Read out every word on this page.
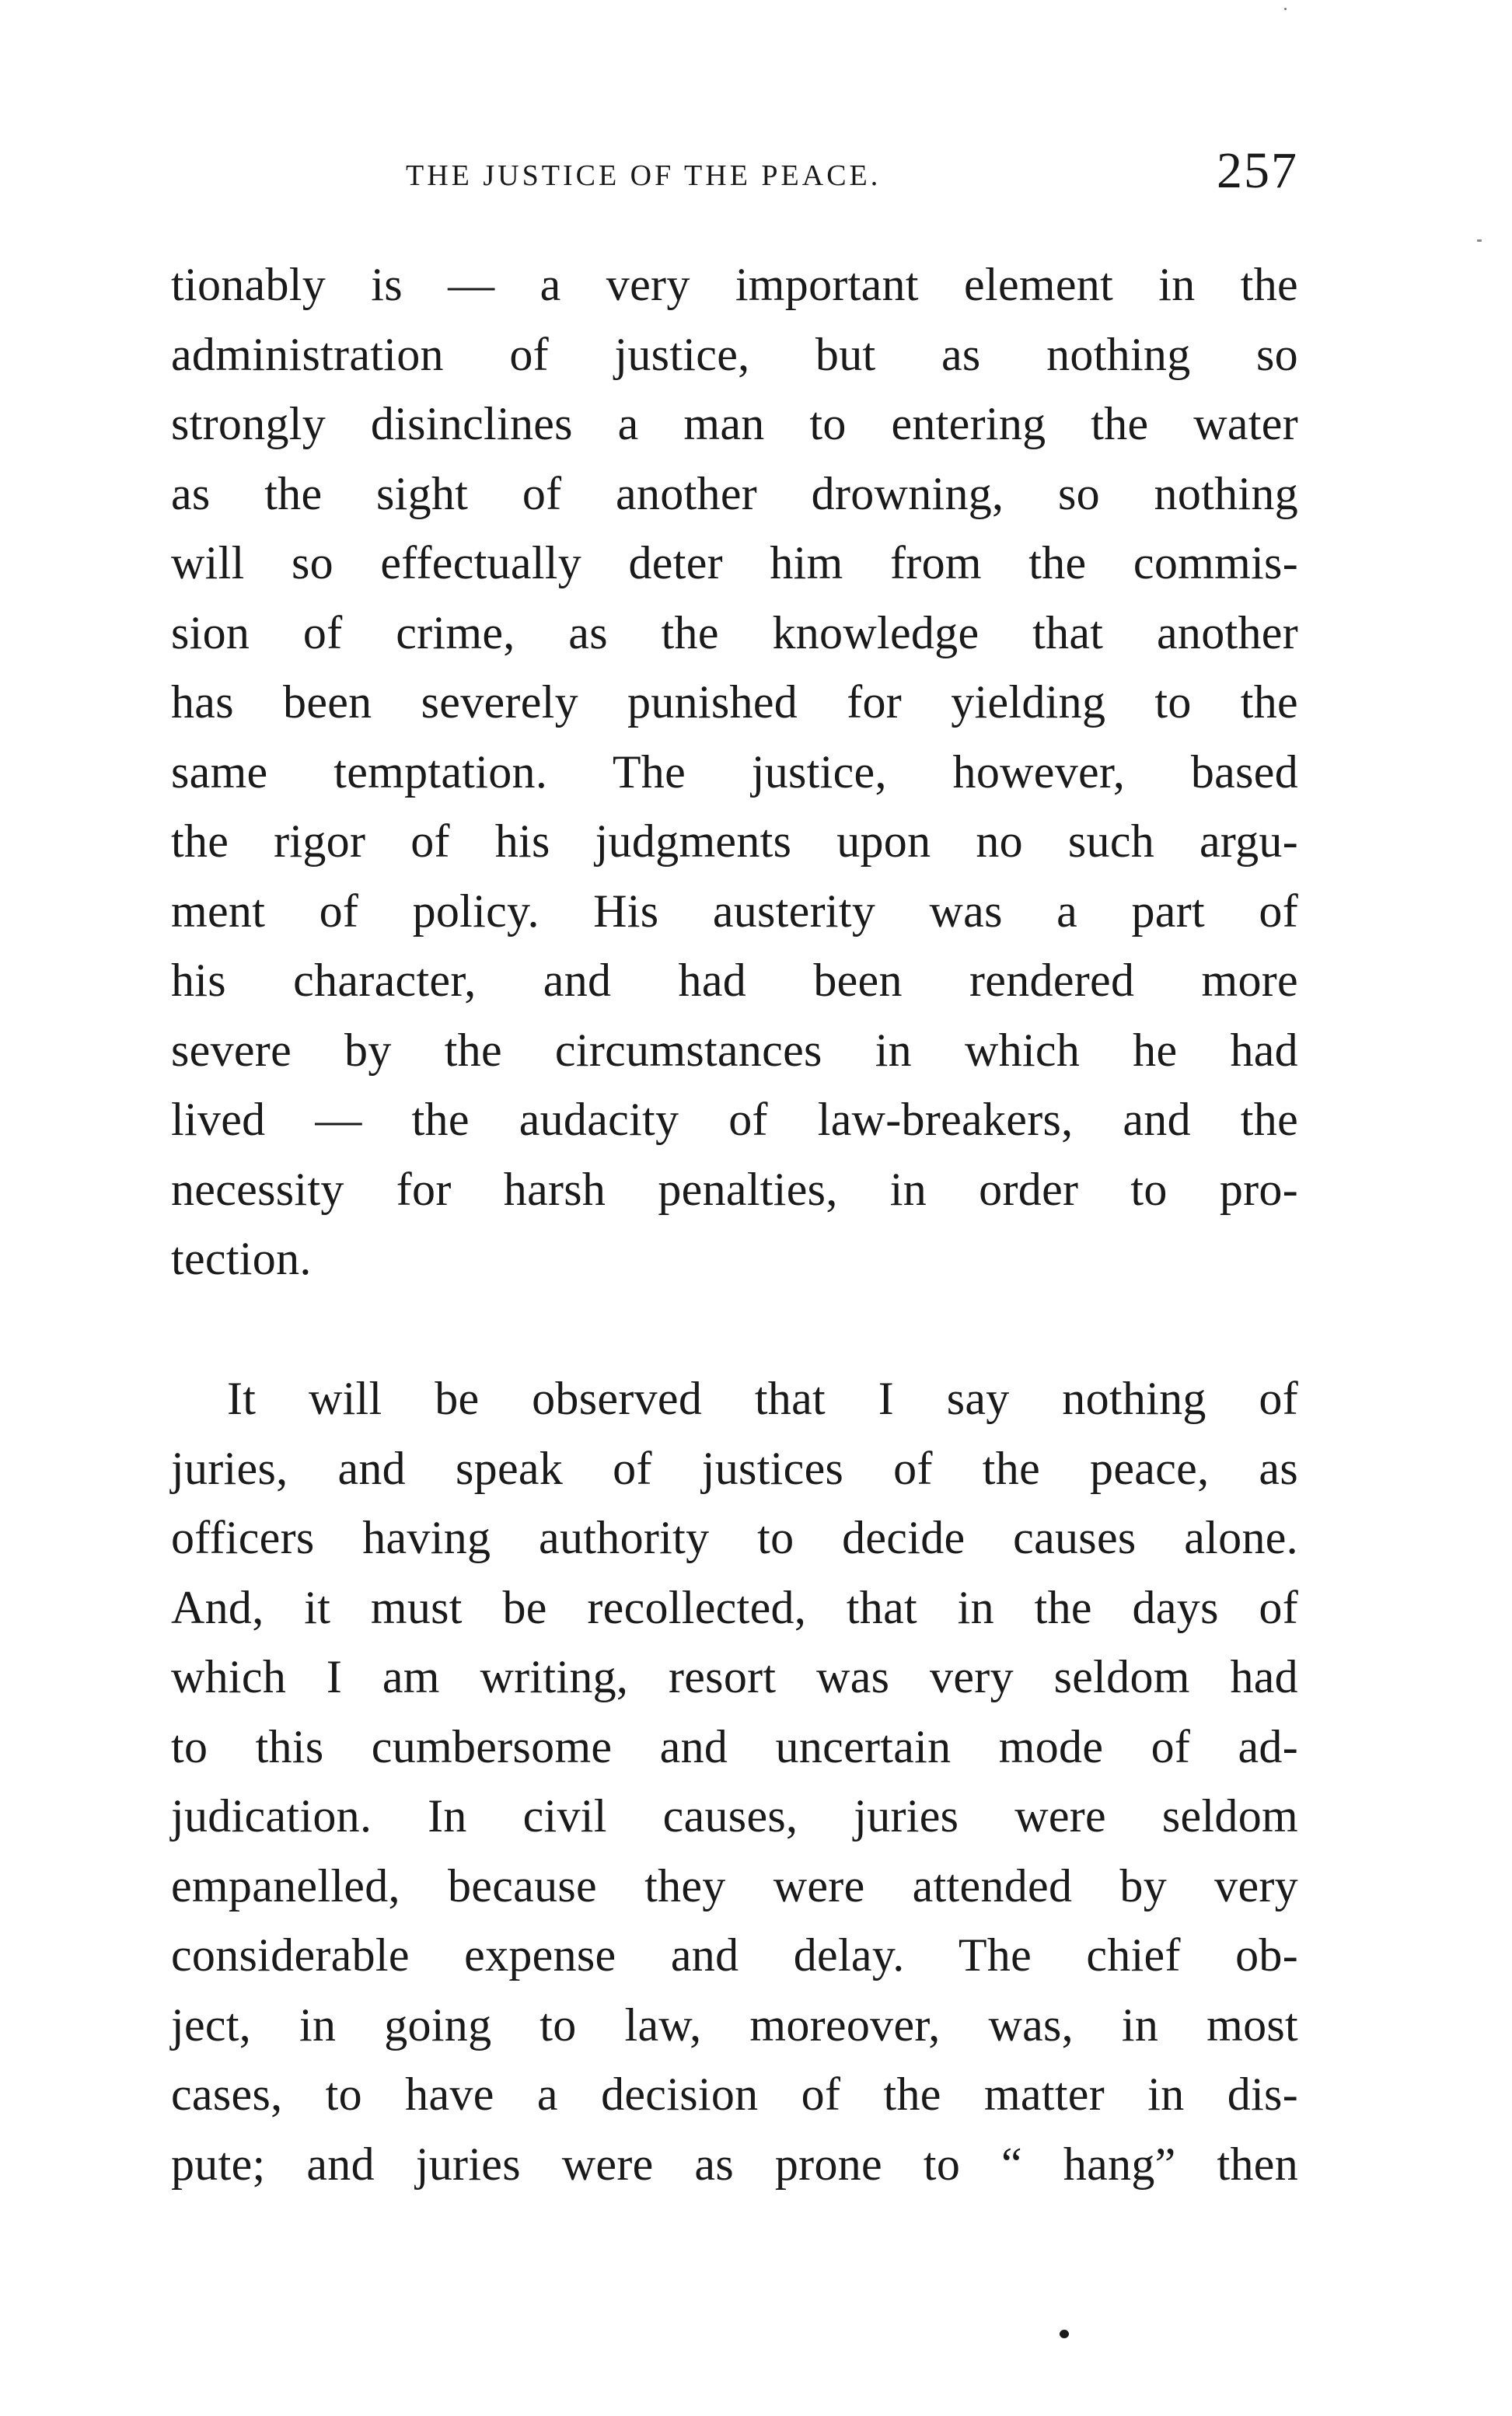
THE JUSTICE OF THE PEACE.	257
tionably is — a very important element in the
administration of justice, but as nothing so
strongly disinclines a man to entering the water
as the sight of another drowning, so nothing
will so effectually deter him from the commis-
sion of crime, as the knowledge that another
has been severely punished for yielding to the
same temptation. The justice, however, based
the rigor of his judgments upon no such argu-
ment of policy. His austerity was a part of
his character, and had been rendered more
severe by the circumstances in which he had
lived — the audacity of law-breakers, and the
necessity for harsh penalties, in order to pro-
tection.
It will be observed that I say nothing of
juries, and speak of justices of the peace, as
officers having authority to decide causes alone.
And, it must be recollected, that in the days of
which I am writing, resort was very seldom had
to this cumbersome and uncertain mode of ad-
judication. In civil causes, juries were seldom
empanelled, because they were attended by very
considerable expense and delay. The chief ob-
ject, in going to law, moreover, was, in most
cases, to have a decision of the matter in dis-
pute; and juries were as prone to “ hang” then
